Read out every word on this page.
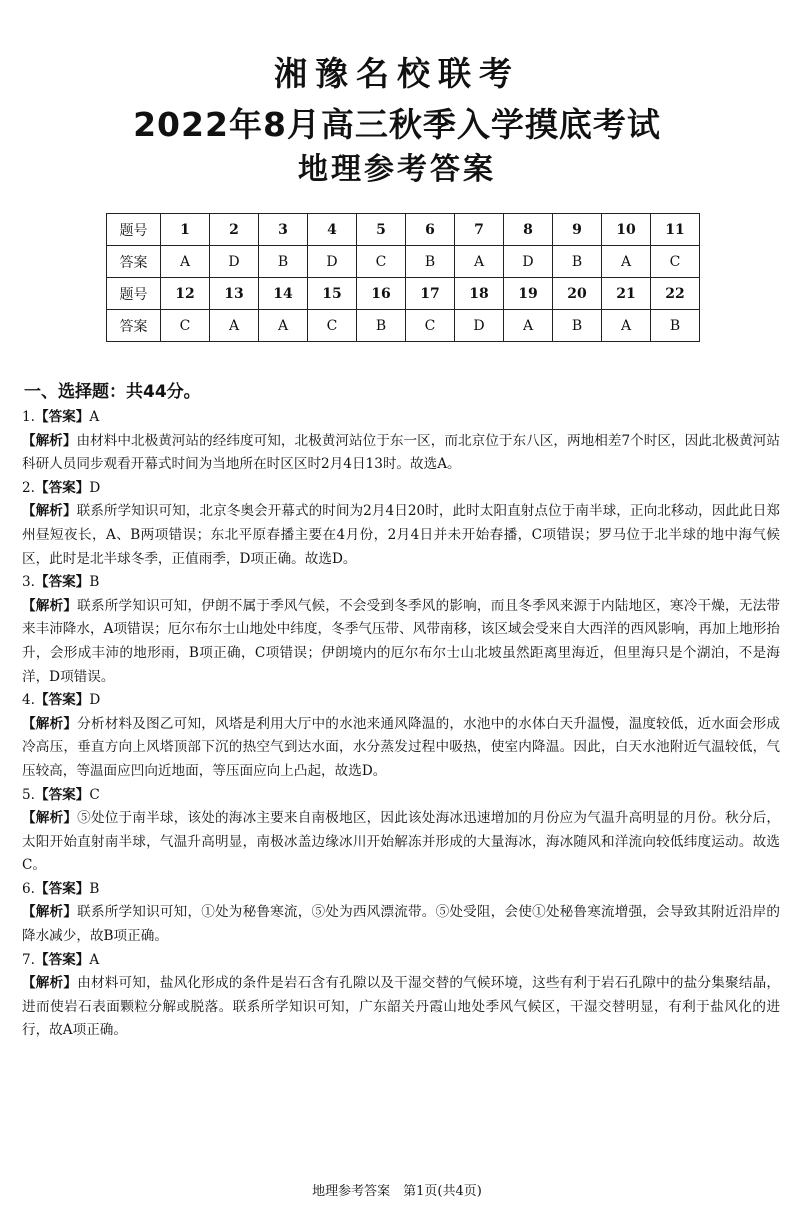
湘豫名校联考
2022年8月高三秋季入学摸底考试
地理参考答案
题号	1	2	3	4	5	6	7	8	9	10	11
答案	A	D	B	D	C	B	A	D	B	A	C
题号	12	13	14	15	16	17	18	19	20	21	22
答案	C	A	A	C	B	C	D	A	B	A	B
一、选择题：共44分。
1.【答案】A
【解析】由材料中北极黄河站的经纬度可知，北极黄河站位于东一区，而北京位于东八区，两地相差7个时区，因此北极黄河站科研人员同步观看开幕式时间为当地所在时区区时2月4日13时。故选A。
2.【答案】D
【解析】联系所学知识可知，北京冬奥会开幕式的时间为2月4日20时，此时太阳直射点位于南半球，正向北移动，因此此日郑州昼短夜长，A、B两项错误；东北平原春播主要在4月份，2月4日并未开始春播，C项错误；罗马位于北半球的地中海气候区，此时是北半球冬季，正值雨季，D项正确。故选D。
3.【答案】B
【解析】联系所学知识可知，伊朗不属于季风气候，不会受到冬季风的影响，而且冬季风来源于内陆地区，寒冷干燥，无法带来丰沛降水，A项错误；厄尔布尔士山地处中纬度，冬季气压带、风带南移，该区域会受来自大西洋的西风影响，再加上地形抬升，会形成丰沛的地形雨，B项正确，C项错误；伊朗境内的厄尔布尔士山北坡虽然距离里海近，但里海只是个湖泊，不是海洋，D项错误。
4.【答案】D
【解析】分析材料及图乙可知，风塔是利用大厅中的水池来通风降温的，水池中的水体白天升温慢，温度较低，近水面会形成冷高压，垂直方向上风塔顶部下沉的热空气到达水面，水分蒸发过程中吸热，使室内降温。因此，白天水池附近气温较低，气压较高，等温面应凹向近地面，等压面应向上凸起，故选D。
5.【答案】C
【解析】⑤处位于南半球，该处的海冰主要来自南极地区，因此该处海冰迅速增加的月份应为气温升高明显的月份。秋分后，太阳开始直射南半球，气温升高明显，南极冰盖边缘冰川开始解冻并形成的大量海冰，海冰随风和洋流向较低纬度运动。故选C。
6.【答案】B
【解析】联系所学知识可知，①处为秘鲁寒流，⑤处为西风漂流带。⑤处受阻，会使①处秘鲁寒流增强，会导致其附近沿岸的降水减少，故B项正确。
7.【答案】A
【解析】由材料可知，盐风化形成的条件是岩石含有孔隙以及干湿交替的气候环境，这些有利于岩石孔隙中的盐分集聚结晶，进而使岩石表面颗粒分解或脱落。联系所学知识可知，广东韶关丹霞山地处季风气候区，干湿交替明显，有利于盐风化的进行，故A项正确。
地理参考答案　第1页(共4页)
